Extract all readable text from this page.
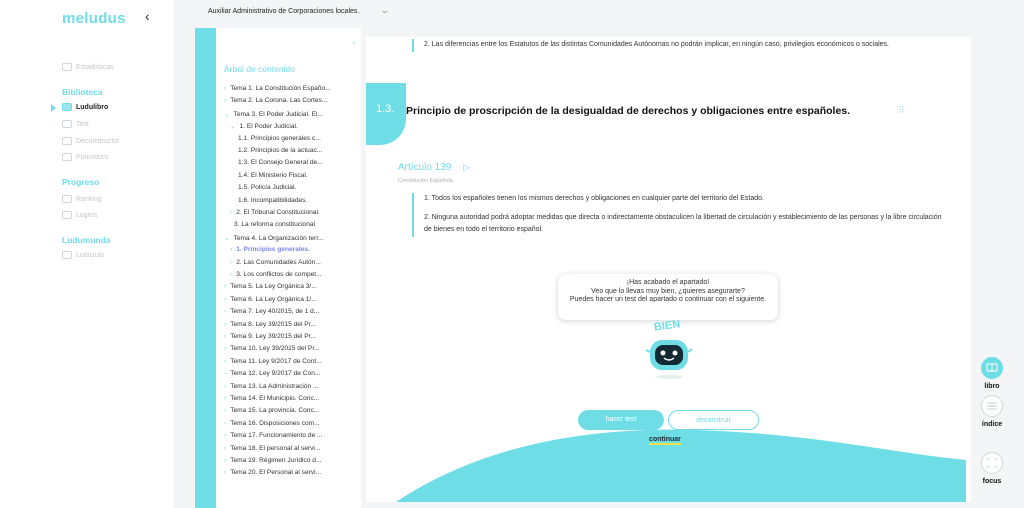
meludus ‹
Estadísticas
Biblioteca
Ludulibro
Test
Deconstructor
Pomodoro
Progreso
Ranking
Logros
Ludumunda
Luduzulo
Auxiliar Administrativo de Corporaciones locales. ⌄
‹
Árbol de contenido
› Tema 1. La Constitución Españo...
› Tema 2. La Corona. Las Cortes...
⌄ Tema 3. El Poder Judicial. El...
⌄ 1. El Poder Judicial.
1.1. Principios generales c...
1.2. Principios de la actuac...
1.3. El Consejo General de...
1.4. El Ministerio Fiscal.
1.5. Policía Judicial.
1.6. Incompatibilidades.
› 2. El Tribunal Constitucional.
3. La reforma constitucional
⌄ Tema 4. La Organización terr...
› 1. Principios generales.
› 2. Las Comunidades Autón...
› 3. Los conflictos de compet...
› Tema 5. La Ley Orgánica 3/...
› Tema 6. La Ley Orgánica 1/...
› Tema 7. Ley 40/2015, de 1 d...
› Tema 8. Ley 39/2015 del Pr...
› Tema 9. Ley 39/2015 del Pr...
› Tema 10. Ley 39/2015 del Pr...
› Tema 11. Ley 9/2017 de Cont...
› Tema 12. Ley 9/2017 de Con...
› Tema 13. La Administración ...
› Tema 14. El Municipio. Conc...
› Tema 15. La provincia. Conc...
› Tema 16. Disposiciones com...
› Tema 17. Funcionamiento de ...
› Tema 18. El personal al servi...
› Tema 19. Régimen Jurídico d...
› Tema 20. El Personal al servi...
2. Las diferencias entre los Estatutos de las distintas Comunidades Autónomas no podrán implicar, en ningún caso, privilegios económicos o sociales.
1.3. Principio de proscripción de la desigualdad de derechos y obligaciones entre españoles.	⠿
Artículo 139 ▷
Constitución Española
1. Todos los españoles tienen los mismos derechos y obligaciones en cualquier parte del territorio del Estado.
2. Ninguna autoridad podrá adoptar medidas que directa o indirectamente obstaculicen la libertad de circulación y establecimiento de las personas y la libre circulación de bienes en todo el territorio español.
¡Has acabado el apartado!
Veo que lo llevas muy bien, ¿quieres asegurarte?
Puedes hacer un test del apartado o continuar con el siguiente.
BIEN
hacer test	deconstruir
continuar
libro
índice
focus
